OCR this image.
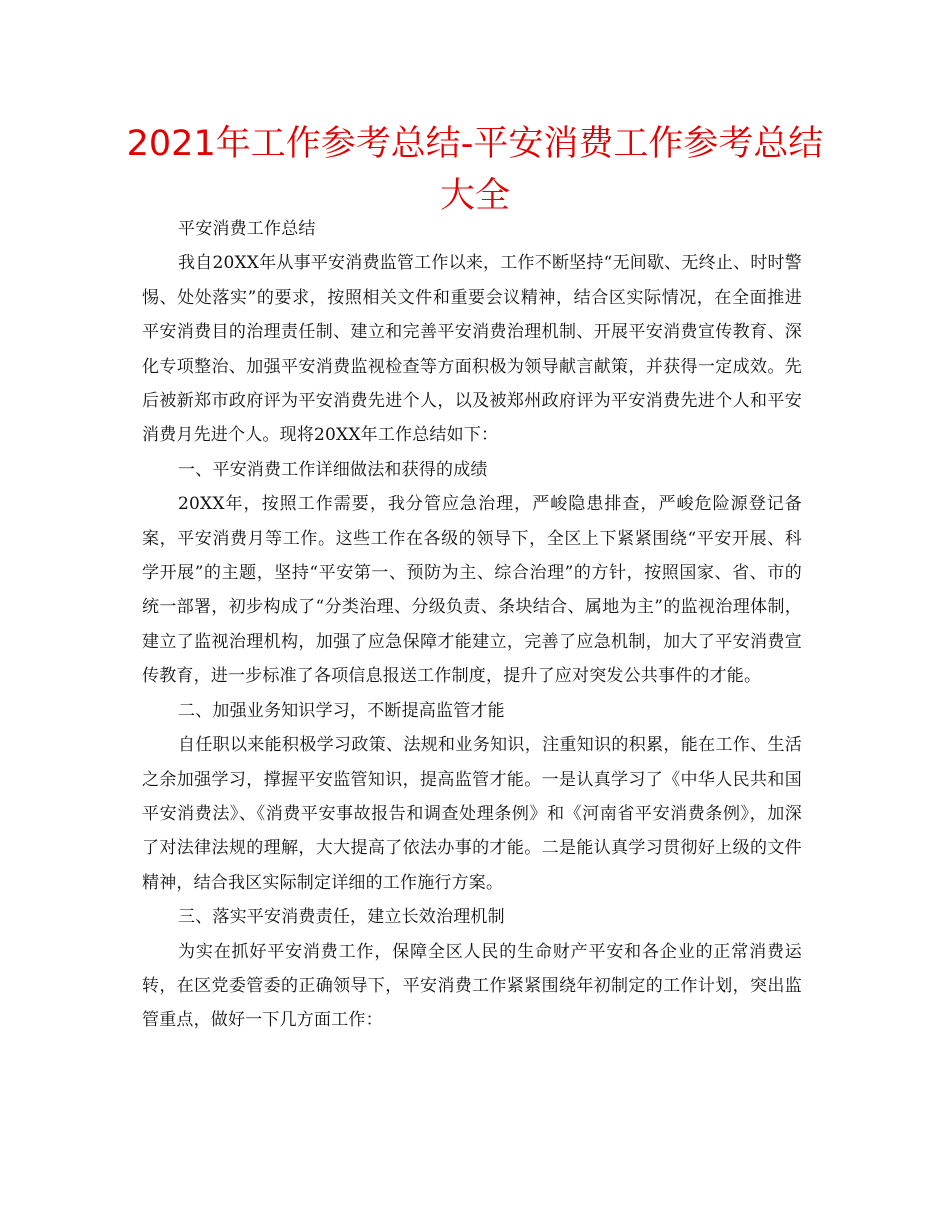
2021年工作参考总结-平安消费工作参考总结大全

平安消费工作总结

我自20XX年从事平安消费监管工作以来，工作不断坚持“无间歇、无终止、时时警惕、处处落实”的要求，按照相关文件和重要会议精神，结合区实际情况，在全面推进平安消费目的治理责任制、建立和完善平安消费治理机制、开展平安消费宣传教育、深化专项整治、加强平安消费监视检查等方面积极为领导献言献策，并获得一定成效。先后被新郑市政府评为平安消费先进个人，以及被郑州政府评为平安消费先进个人和平安消费月先进个人。现将20XX年工作总结如下：

一、平安消费工作详细做法和获得的成绩

20XX年，按照工作需要，我分管应急治理，严峻隐患排查，严峻危险源登记备案，平安消费月等工作。这些工作在各级的领导下，全区上下紧紧围绕“平安开展、科学开展”的主题，坚持“平安第一、预防为主、综合治理”的方针，按照国家、省、市的统一部署，初步构成了“分类治理、分级负责、条块结合、属地为主”的监视治理体制，建立了监视治理机构，加强了应急保障才能建立，完善了应急机制，加大了平安消费宣传教育，进一步标准了各项信息报送工作制度，提升了应对突发公共事件的才能。

二、加强业务知识学习，不断提高监管才能

自任职以来能积极学习政策、法规和业务知识，注重知识的积累，能在工作、生活之余加强学习，撑握平安监管知识，提高监管才能。一是认真学习了《中华人民共和国平安消费法》、《消费平安事故报告和调查处理条例》和《河南省平安消费条例》，加深了对法律法规的理解，大大提高了依法办事的才能。二是能认真学习贯彻好上级的文件精神，结合我区实际制定详细的工作施行方案。

三、落实平安消费责任，建立长效治理机制

为实在抓好平安消费工作，保障全区人民的生命财产平安和各企业的正常消费运转，在区党委管委的正确领导下，平安消费工作紧紧围绕年初制定的工作计划，突出监管重点，做好一下几方面工作：
